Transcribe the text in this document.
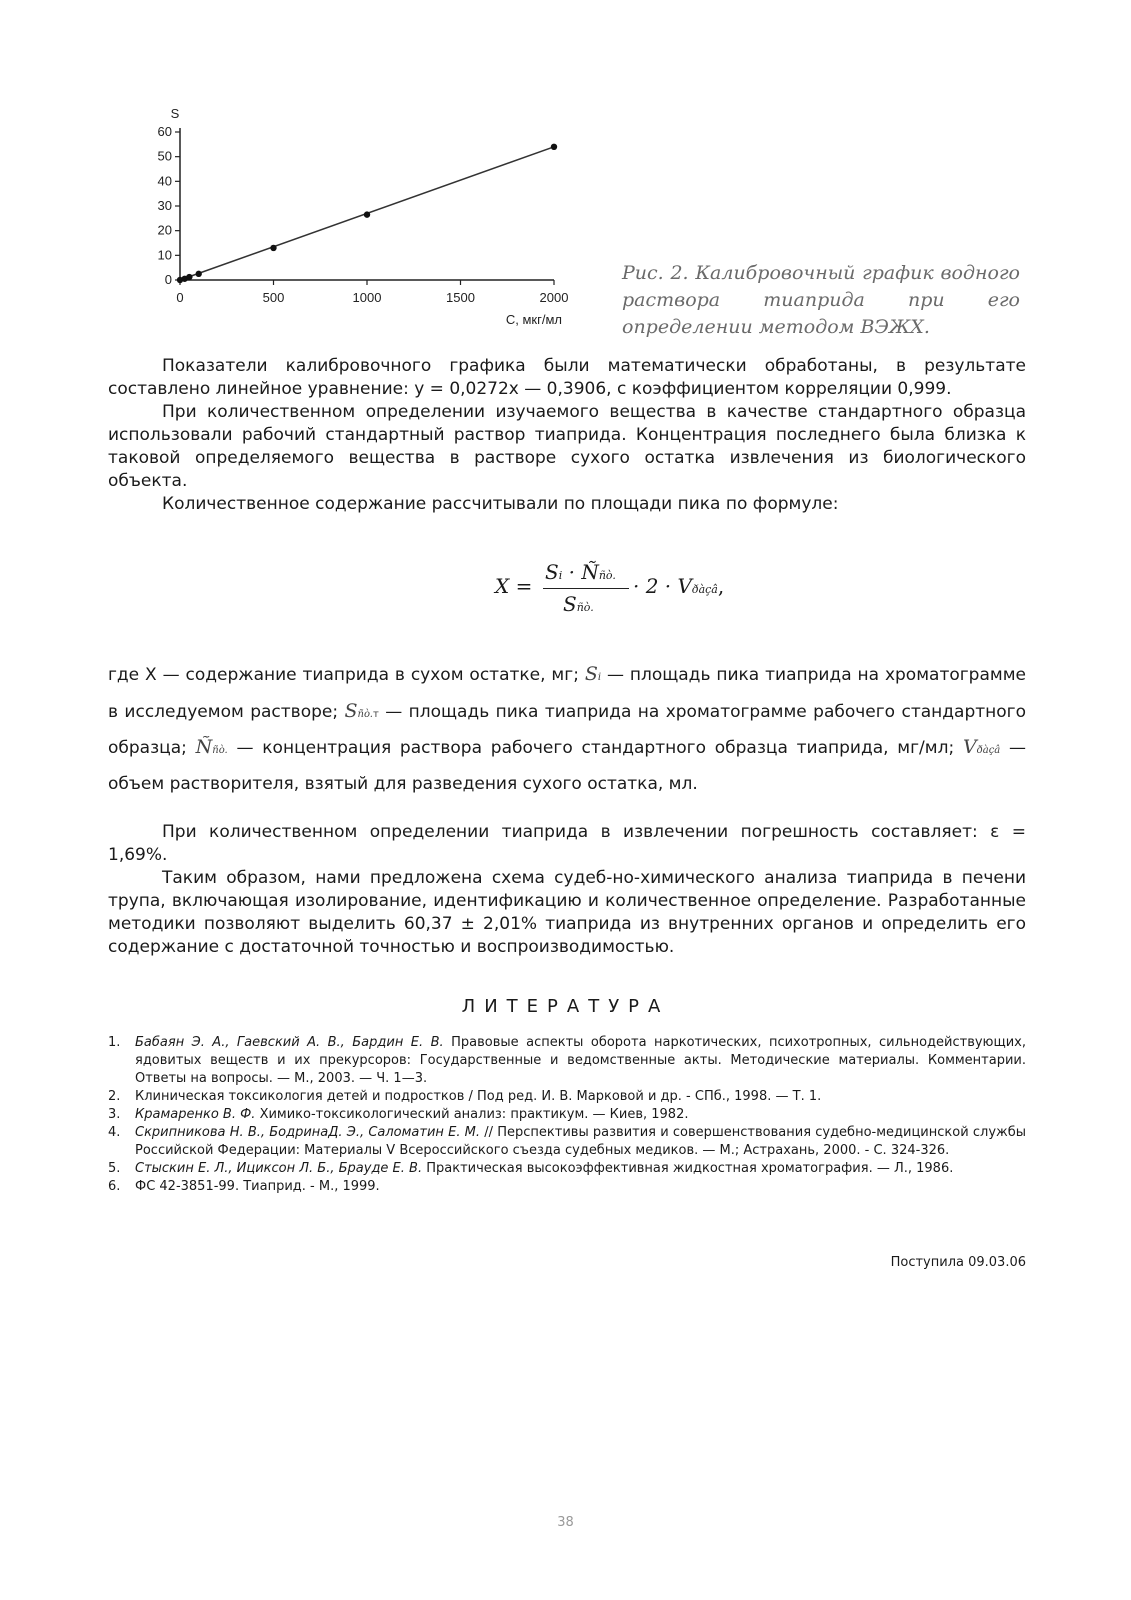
0
10
20
30
40
50
60
0	500	1000	1500	2000
S
C, мкг/мл
Рис. 2. Калибровочный график водного
раствора тиаприда при его
определении методом ВЭЖХ.

Показатели калибровочного графика были математически обработаны, в результате составлено линейное уравнение: y = 0,0272x — 0,3906, с коэффициентом корреляции 0,999.

При количественном определении изучаемого вещества в качестве стандартного образца использовали рабочий стандартный раствор тиаприда. Концентрация последнего была близка к таковой определяемого вещества в растворе сухого остатка извлечения из биологического объекта.

Количественное содержание рассчитывали по площади пика по формуле:

X =
Si · Ññò.
Sñò.
· 2 · Vðàçâ,

где X — содержание тиаприда в сухом остатке, мг; Si — площадь пика тиаприда на хроматограмме в исследуемом растворе; Sñò.т — площадь пика тиаприда на хроматограмме рабочего стандартного образца; Ññò. — концентрация раствора рабочего стандартного образца тиаприда, мг/мл; Vðàçâ — объем растворителя, взятый для разведения сухого остатка, мл.

При количественном определении тиаприда в извлечении погрешность составляет: ε = 1,69%.

Таким образом, нами предложена схема судеб-но-химического анализа тиаприда в печени трупа, включающая изолирование, идентификацию и количественное определение. Разработанные методики позволяют выделить 60,37 ± 2,01% тиаприда из внутренних органов и определить его содержание с достаточной точностью и воспроизводимостью.

ЛИТЕРАТУРА
1. Бабаян Э. А., Гаевский А. В., Бардин Е. В. Правовые аспекты оборота наркотических, психотропных, сильнодействующих, ядовитых веществ и их прекурсоров: Государственные и ведомственные акты. Методические материалы. Комментарии. Ответы на вопросы. — М., 2003. — Ч. 1—3.
2. Клиническая токсикология детей и подростков / Под ред. И. В. Марковой и др. - СПб., 1998. — Т. 1.
3. Крамаренко В. Ф. Химико-токсикологический анализ: практикум. — Киев, 1982.
4. Скрипникова Н. В., БодринаД. Э., Саломатин Е. М. // Перспективы развития и совершенствования судебно-медицинской службы Российской Федерации: Материалы V Всероссийского съезда судебных медиков. — М.; Астрахань, 2000. - С. 324-326.
5. Стыскин Е. Л., Ициксон Л. Б., Брауде Е. В. Практическая высокоэффективная жидкостная хроматография. — Л., 1986.
6. ФС 42-3851-99. Тиаприд. - М., 1999.
Поступила 09.03.06
38
